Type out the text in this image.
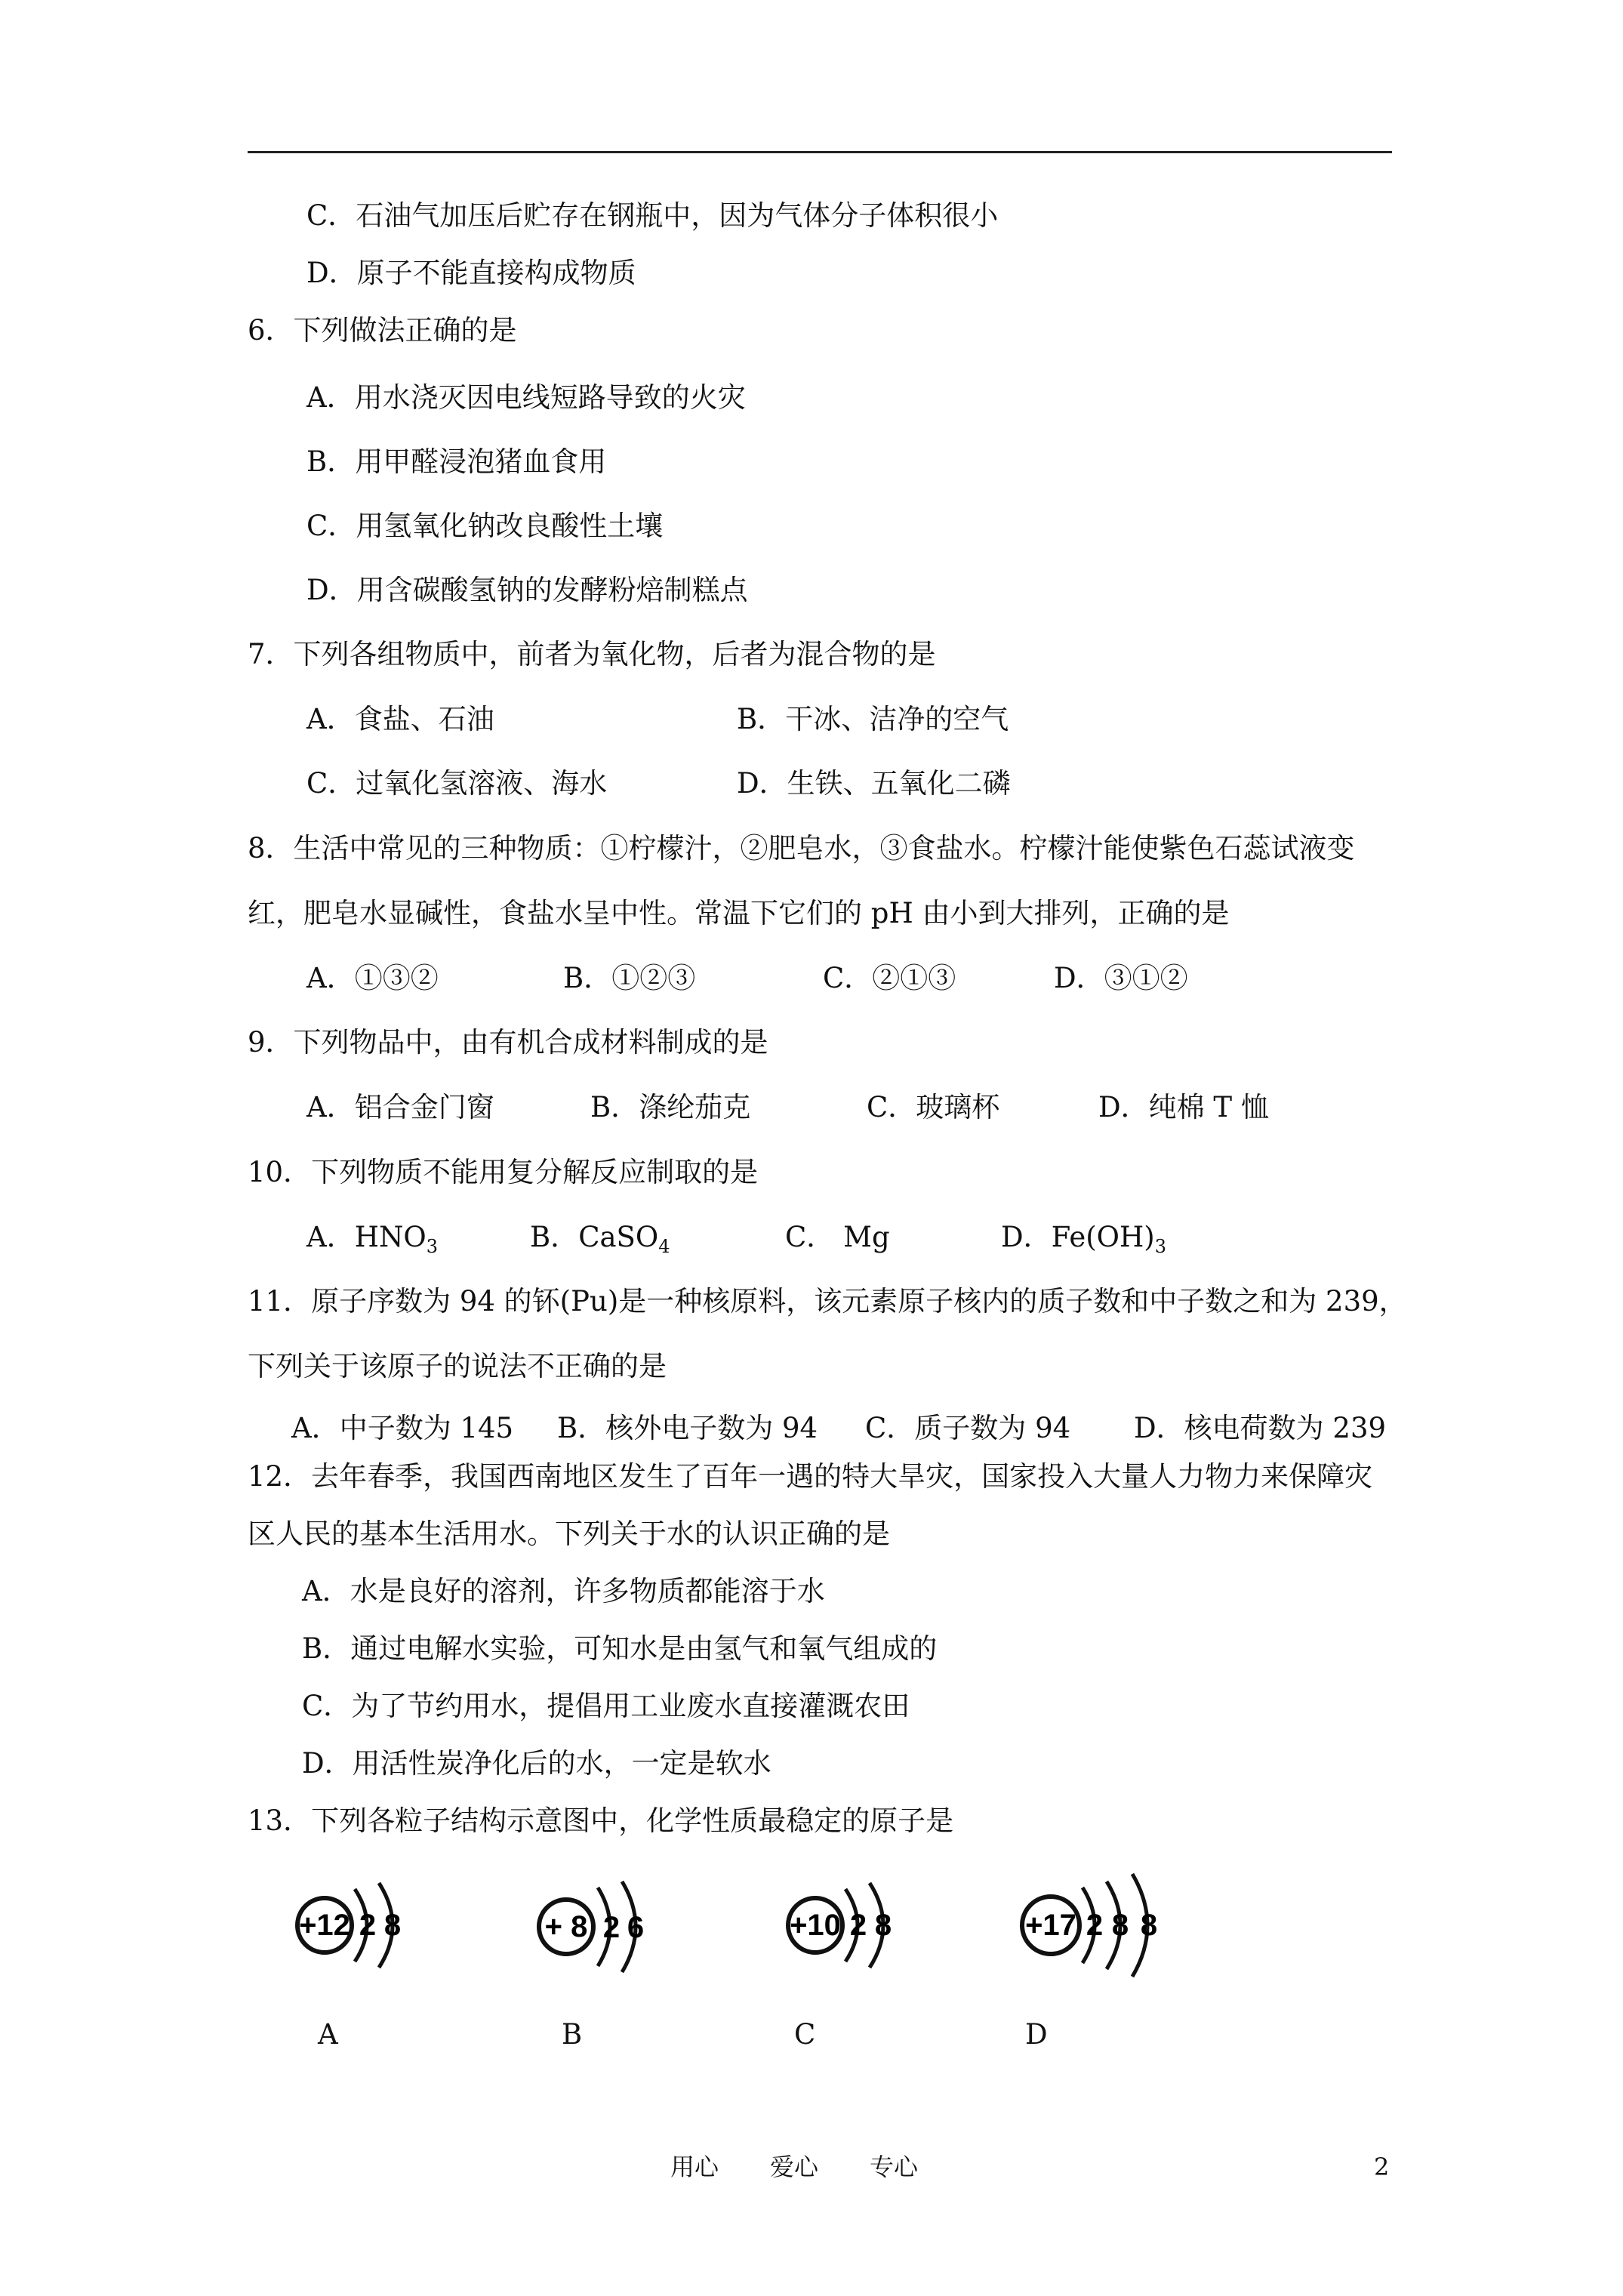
C．石油气加压后贮存在钢瓶中，因为气体分子体积很小
D．原子不能直接构成物质
6．下列做法正确的是
A．用水浇灭因电线短路导致的火灾
B．用甲醛浸泡猪血食用
C．用氢氧化钠改良酸性土壤
D．用含碳酸氢钠的发酵粉焙制糕点
7．下列各组物质中，前者为氧化物，后者为混合物的是
A．食盐、石油	B．干冰、洁净的空气
C．过氧化氢溶液、海水	D．生铁、五氧化二磷
8．生活中常见的三种物质：①柠檬汁，②肥皂水，③食盐水。柠檬汁能使紫色石蕊试液变
红，肥皂水显碱性，食盐水呈中性。常温下它们的 pH 由小到大排列，正确的是
A．①③②	B．①②③	C．②①③	D．③①②
9．下列物品中，由有机合成材料制成的是
A．铝合金门窗	B．涤纶茄克	C．玻璃杯	D．纯棉 T 恤
10．下列物质不能用复分解反应制取的是
A．$HNO_3$	B．CaSO$_4$	C． Mg	D．$Fe(OH)_3$
11．原子序数为 94 的钚(Pu)是一种核原料，该元素原子核内的质子数和中子数之和为 239，
下列关于该原子的说法不正确的是
A．中子数为 145 B．核外电子数为 94 C．质子数为 94 D．核电荷数为 239
12．去年春季，我国西南地区发生了百年一遇的特大旱灾，国家投入大量人力物力来保障灾
区人民的基本生活用水。下列关于水的认识正确的是
A．水是良好的溶剂，许多物质都能溶于水
B．通过电解水实验，可知水是由氢气和氧气组成的
C．为了节约用水，提倡用工业废水直接灌溉农田
D．用活性炭净化后的水，一定是软水
13．下列各粒子结构示意图中，化学性质最稳定的原子是
+12 2 8	+ 8 2 6	+10 2 8	+17 2 8 8
A	B	C	D
用心 爱心 专心	2
